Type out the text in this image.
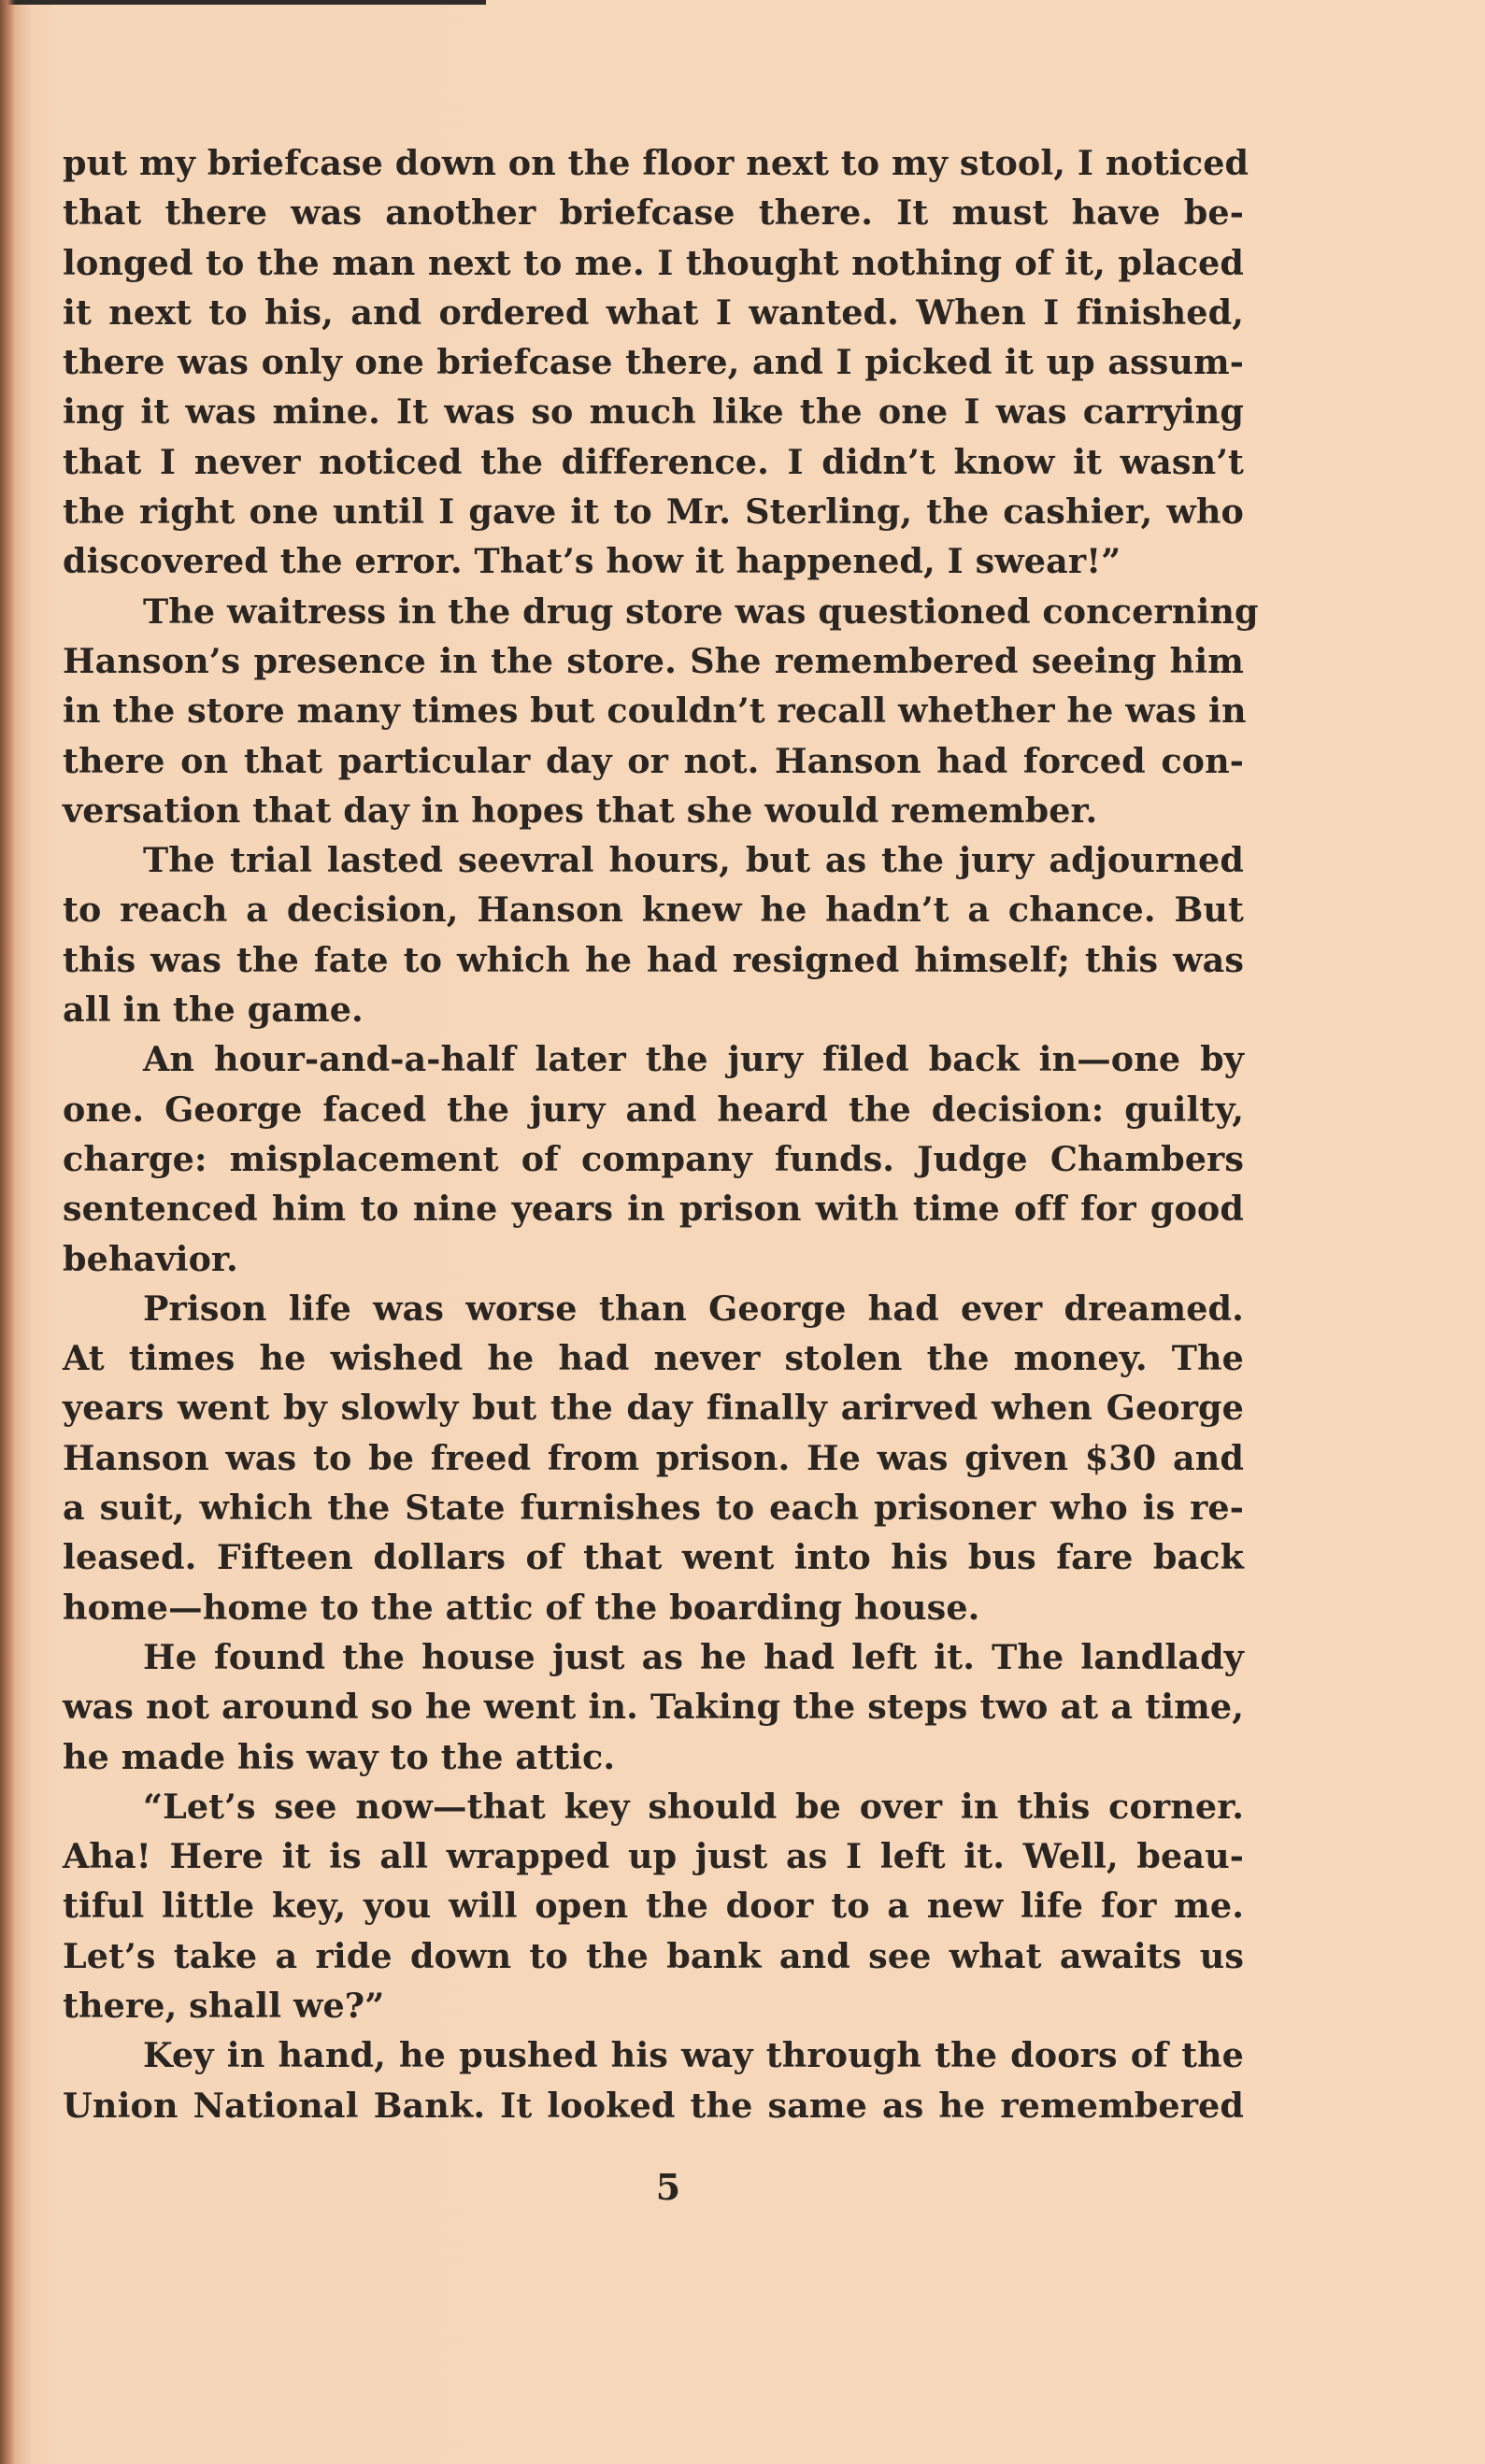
put my briefcase down on the floor next to my stool, I noticed
that there was another briefcase there. It must have be-
longed to the man next to me. I thought nothing of it, placed
it next to his, and ordered what I wanted. When I finished,
there was only one briefcase there, and I picked it up assum-
ing it was mine. It was so much like the one I was carrying
that I never noticed the difference. I didn’t know it wasn’t
the right one until I gave it to Mr. Sterling, the cashier, who
discovered the error. That’s how it happened, I swear!”
The waitress in the drug store was questioned concerning
Hanson’s presence in the store. She remembered seeing him
in the store many times but couldn’t recall whether he was in
there on that particular day or not. Hanson had forced con-
versation that day in hopes that she would remember.
The trial lasted seevral hours, but as the jury adjourned
to reach a decision, Hanson knew he hadn’t a chance. But
this was the fate to which he had resigned himself; this was
all in the game.
An hour-and-a-half later the jury filed back in—one by
one. George faced the jury and heard the decision: guilty,
charge: misplacement of company funds. Judge Chambers
sentenced him to nine years in prison with time off for good
behavior.
Prison life was worse than George had ever dreamed.
At times he wished he had never stolen the money. The
years went by slowly but the day finally arirved when George
Hanson was to be freed from prison. He was given $30 and
a suit, which the State furnishes to each prisoner who is re-
leased. Fifteen dollars of that went into his bus fare back
home—home to the attic of the boarding house.
He found the house just as he had left it. The landlady
was not around so he went in. Taking the steps two at a time,
he made his way to the attic.
“Let’s see now—that key should be over in this corner.
Aha! Here it is all wrapped up just as I left it. Well, beau-
tiful little key, you will open the door to a new life for me.
Let’s take a ride down to the bank and see what awaits us
there, shall we?”
Key in hand, he pushed his way through the doors of the
Union National Bank. It looked the same as he remembered
5
